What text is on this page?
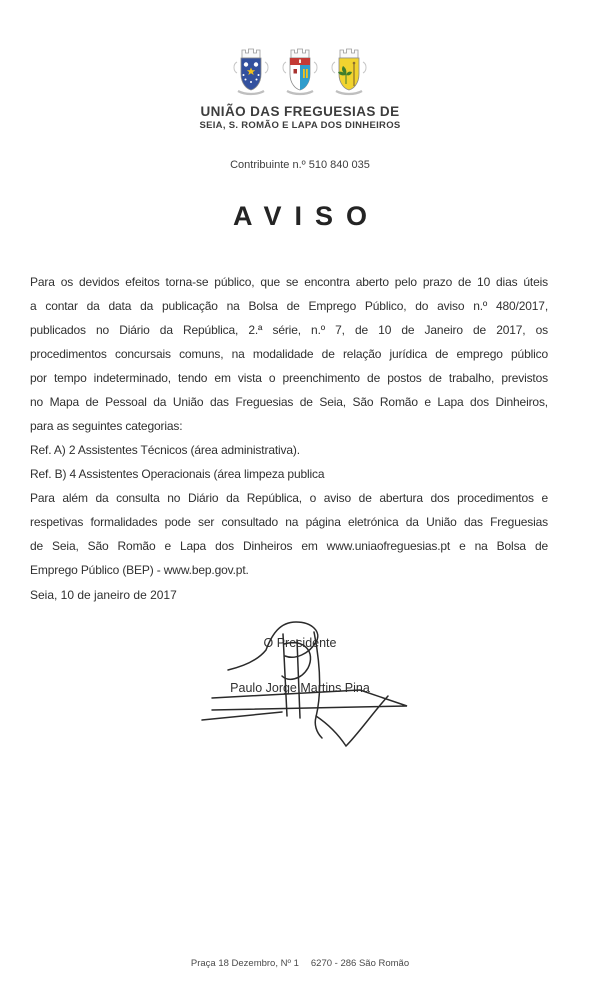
UNIÃO DAS FREGUESIAS DE
SEIA, S. ROMÃO E LAPA DOS DINHEIROS
Contribuinte n.º 510 840 035
AVISO
Para os devidos efeitos torna-se público, que se encontra aberto pelo prazo de 10 dias úteis
a contar da data da publicação na Bolsa de Emprego Público, do aviso n.º 480/2017,
publicados no Diário da República, 2.ª série, n.º 7, de 10 de Janeiro de 2017, os
procedimentos concursais comuns, na modalidade de relação jurídica de emprego público
por tempo indeterminado, tendo em vista o preenchimento de postos de trabalho, previstos
no Mapa de Pessoal da União das Freguesias de Seia, São Romão e Lapa dos Dinheiros,
para as seguintes categorias:
Ref. A) 2 Assistentes Técnicos (área administrativa).
Ref. B) 4 Assistentes Operacionais (área limpeza publica
Para além da consulta no Diário da República, o aviso de abertura dos procedimentos e
respetivas formalidades pode ser consultado na página eletrónica da União das Freguesias
de Seia, São Romão e Lapa dos Dinheiros em www.uniaofreguesias.pt e na Bolsa de
Emprego Público (BEP) - www.bep.gov.pt.
Seia, 10 de janeiro de 2017
O Presidente
Paulo Jorge Martins Pina
Praça 18 Dezembro, Nº 1 6270 - 286 São Romão
